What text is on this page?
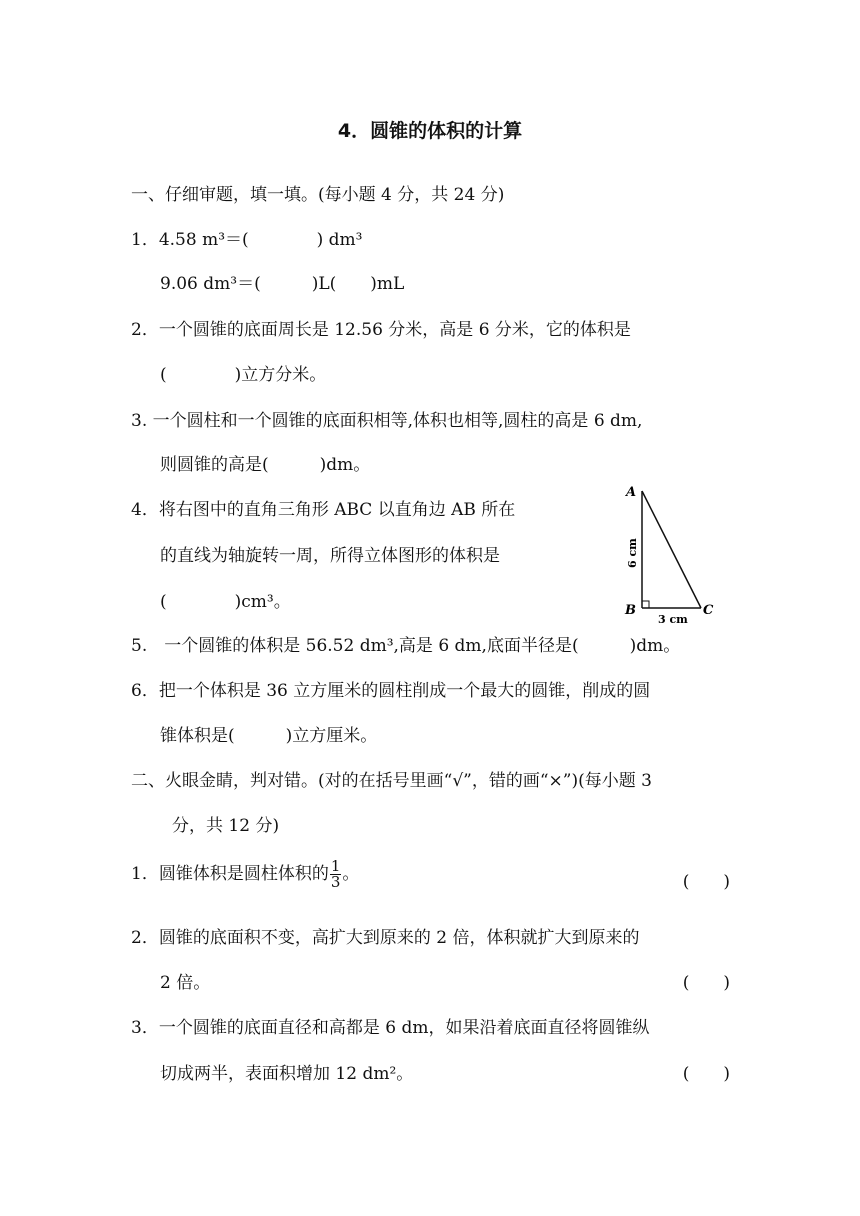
4．圆锥的体积的计算
一、仔细审题，填一填。(每小题 4 分，共 24 分)
1．4.58 m³＝(　　　　) dm³
9.06 dm³＝(　　　)L(　　)mL
2．一个圆锥的底面周长是 12.56 分米，高是 6 分米，它的体积是
(　　　　)立方分米。
3. 一个圆柱和一个圆锥的底面积相等,体积也相等,圆柱的高是 6 dm,
则圆锥的高是(　　　)dm。
4．将右图中的直角三角形 ABC 以直角边 AB 所在
的直线为轴旋转一周，所得立体图形的体积是
(　　　　)cm³。
A
B	C
6 cm
3 cm
5.　一个圆锥的体积是 56.52 dm³,高是 6 dm,底面半径是(　　　)dm。
6．把一个体积是 36 立方厘米的圆柱削成一个最大的圆锥，削成的圆
锥体积是(　　　)立方厘米。
二、火眼金睛，判对错。(对的在括号里画“√”，错的画“×”)(每小题 3
分，共 12 分)
1．圆锥体积是圆柱体积的 $\frac{1}{3}$ 。	(　　)
2．圆锥的底面积不变，高扩大到原来的 2 倍，体积就扩大到原来的
2 倍。	(　　)
3．一个圆锥的底面直径和高都是 6 dm，如果沿着底面直径将圆锥纵
切成两半，表面积增加 12 dm²。	(　　)
